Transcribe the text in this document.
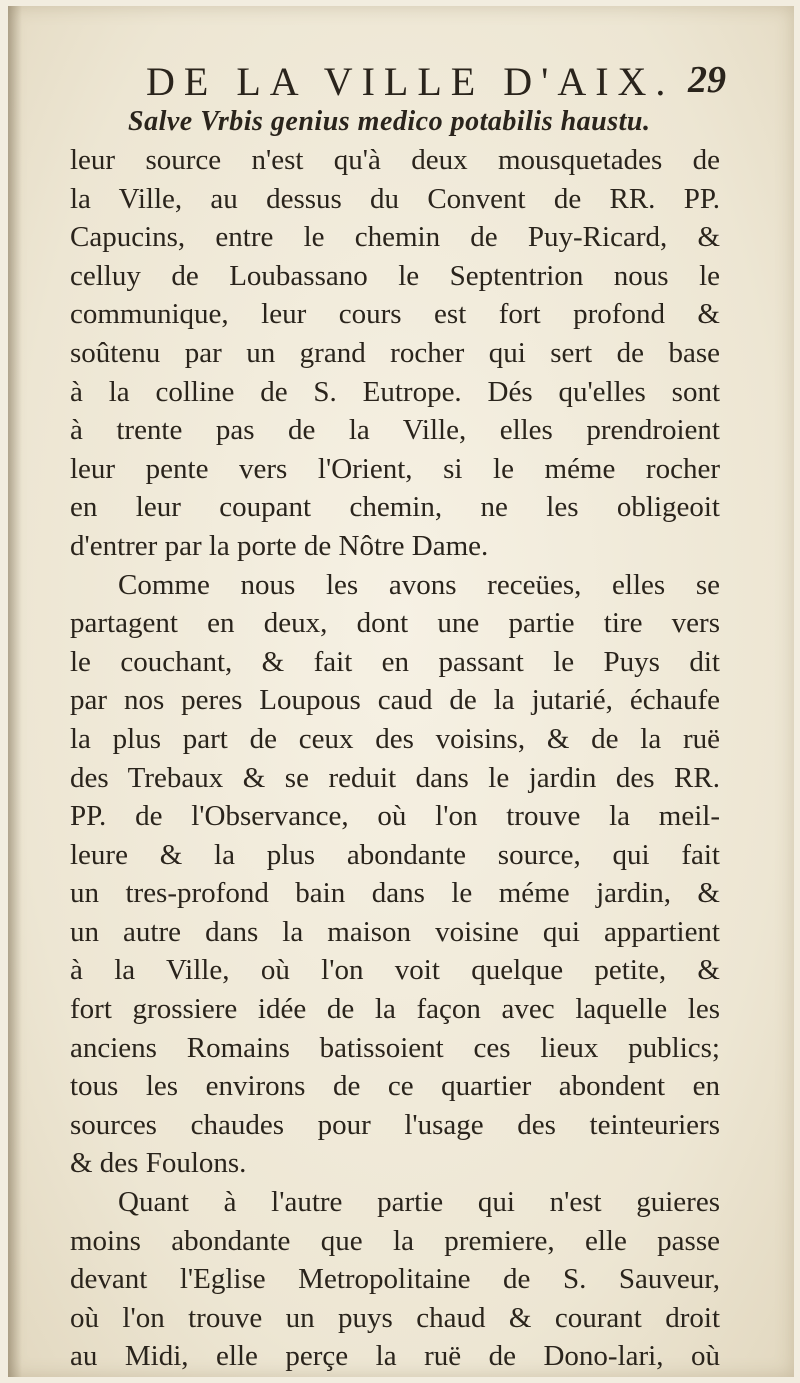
DE LA VILLE D'AIX. 29
Salve Vrbis genius medico potabilis haustu.
leur source n'est qu'à deux mousquetades de
la Ville, au dessus du Convent de RR. PP.
Capucins, entre le chemin de Puy-Ricard, &
celluy de Loubassano le Septentrion nous le
communique, leur cours est fort profond &
soûtenu par un grand rocher qui sert de base
à la colline de S. Eutrope. Dés qu'elles sont
à trente pas de la Ville, elles prendroient
leur pente vers l'Orient, si le méme rocher
en leur coupant chemin, ne les obligeoit
d'entrer par la porte de Nôtre Dame.
Comme nous les avons receües, elles se
partagent en deux, dont une partie tire vers
le couchant, & fait en passant le Puys dit
par nos peres Loupous caud de la jutarié, échaufe
la plus part de ceux des voisins, & de la ruë
des Trebaux & se reduit dans le jardin des RR.
PP. de l'Observance, où l'on trouve la meil-
leure & la plus abondante source, qui fait
un tres-profond bain dans le méme jardin, &
un autre dans la maison voisine qui appartient
à la Ville, où l'on voit quelque petite, &
fort grossiere idée de la façon avec laquelle les
anciens Romains batissoient ces lieux publics;
tous les environs de ce quartier abondent en
sources chaudes pour l'usage des teinteuriers
& des Foulons.
Quant à l'autre partie qui n'est guieres
moins abondante que la premiere, elle passe
devant l'Eglise Metropolitaine de S. Sauveur,
où l'on trouve un puys chaud & courant droit
au Midi, elle perçe la ruë de Dono-lari, où
